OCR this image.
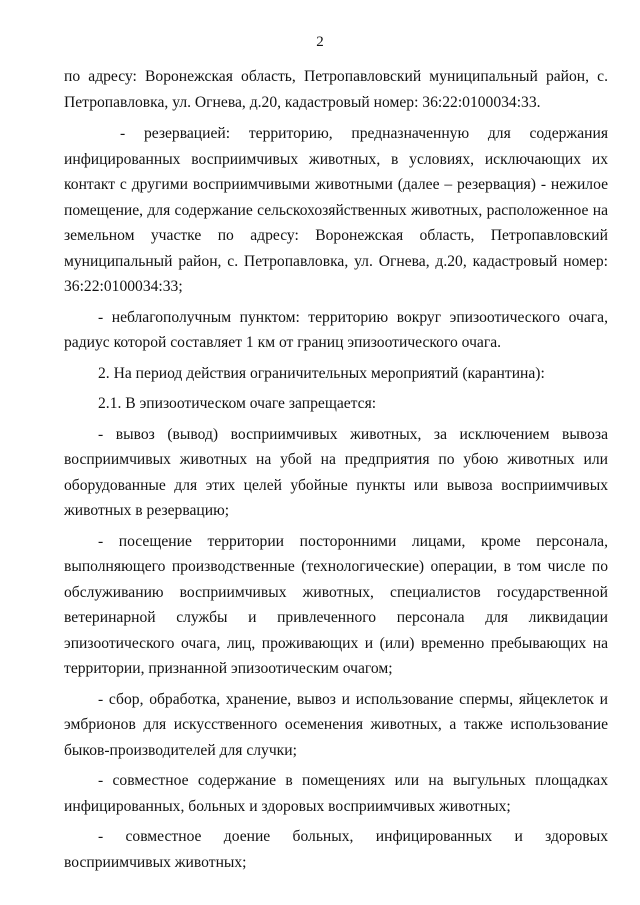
2

по адресу: Воронежская область, Петропавловский муниципальный район, с. Петропавловка, ул. Огнева, д.20, кадастровый номер: 36:22:0100034:33.

- резервацией: территорию, предназначенную для содержания инфицированных восприимчивых животных, в условиях, исключающих их контакт с другими восприимчивыми животными (далее – резервация) - нежилое помещение, для содержание сельскохозяйственных животных, расположенное на земельном участке по адресу: Воронежская область, Петропавловский муниципальный район, с. Петропавловка, ул. Огнева, д.20, кадастровый номер: 36:22:0100034:33;

- неблагополучным пунктом: территорию вокруг эпизоотического очага, радиус которой составляет 1 км от границ эпизоотического очага.

2. На период действия ограничительных мероприятий (карантина):

2.1. В эпизоотическом очаге запрещается:

- вывоз (вывод) восприимчивых животных, за исключением вывоза восприимчивых животных на убой на предприятия по убою животных или оборудованные для этих целей убойные пункты или вывоза восприимчивых животных в резервацию;

- посещение территории посторонними лицами, кроме персонала, выполняющего производственные (технологические) операции, в том числе по обслуживанию восприимчивых животных, специалистов государственной ветеринарной службы и привлеченного персонала для ликвидации эпизоотического очага, лиц, проживающих и (или) временно пребывающих на территории, признанной эпизоотическим очагом;

- сбор, обработка, хранение, вывоз и использование спермы, яйцеклеток и эмбрионов для искусственного осеменения животных, а также использование быков-производителей для случки;

- совместное содержание в помещениях или на выгульных площадках инфицированных, больных и здоровых восприимчивых животных;

- совместное доение больных, инфицированных и здоровых восприимчивых животных;
